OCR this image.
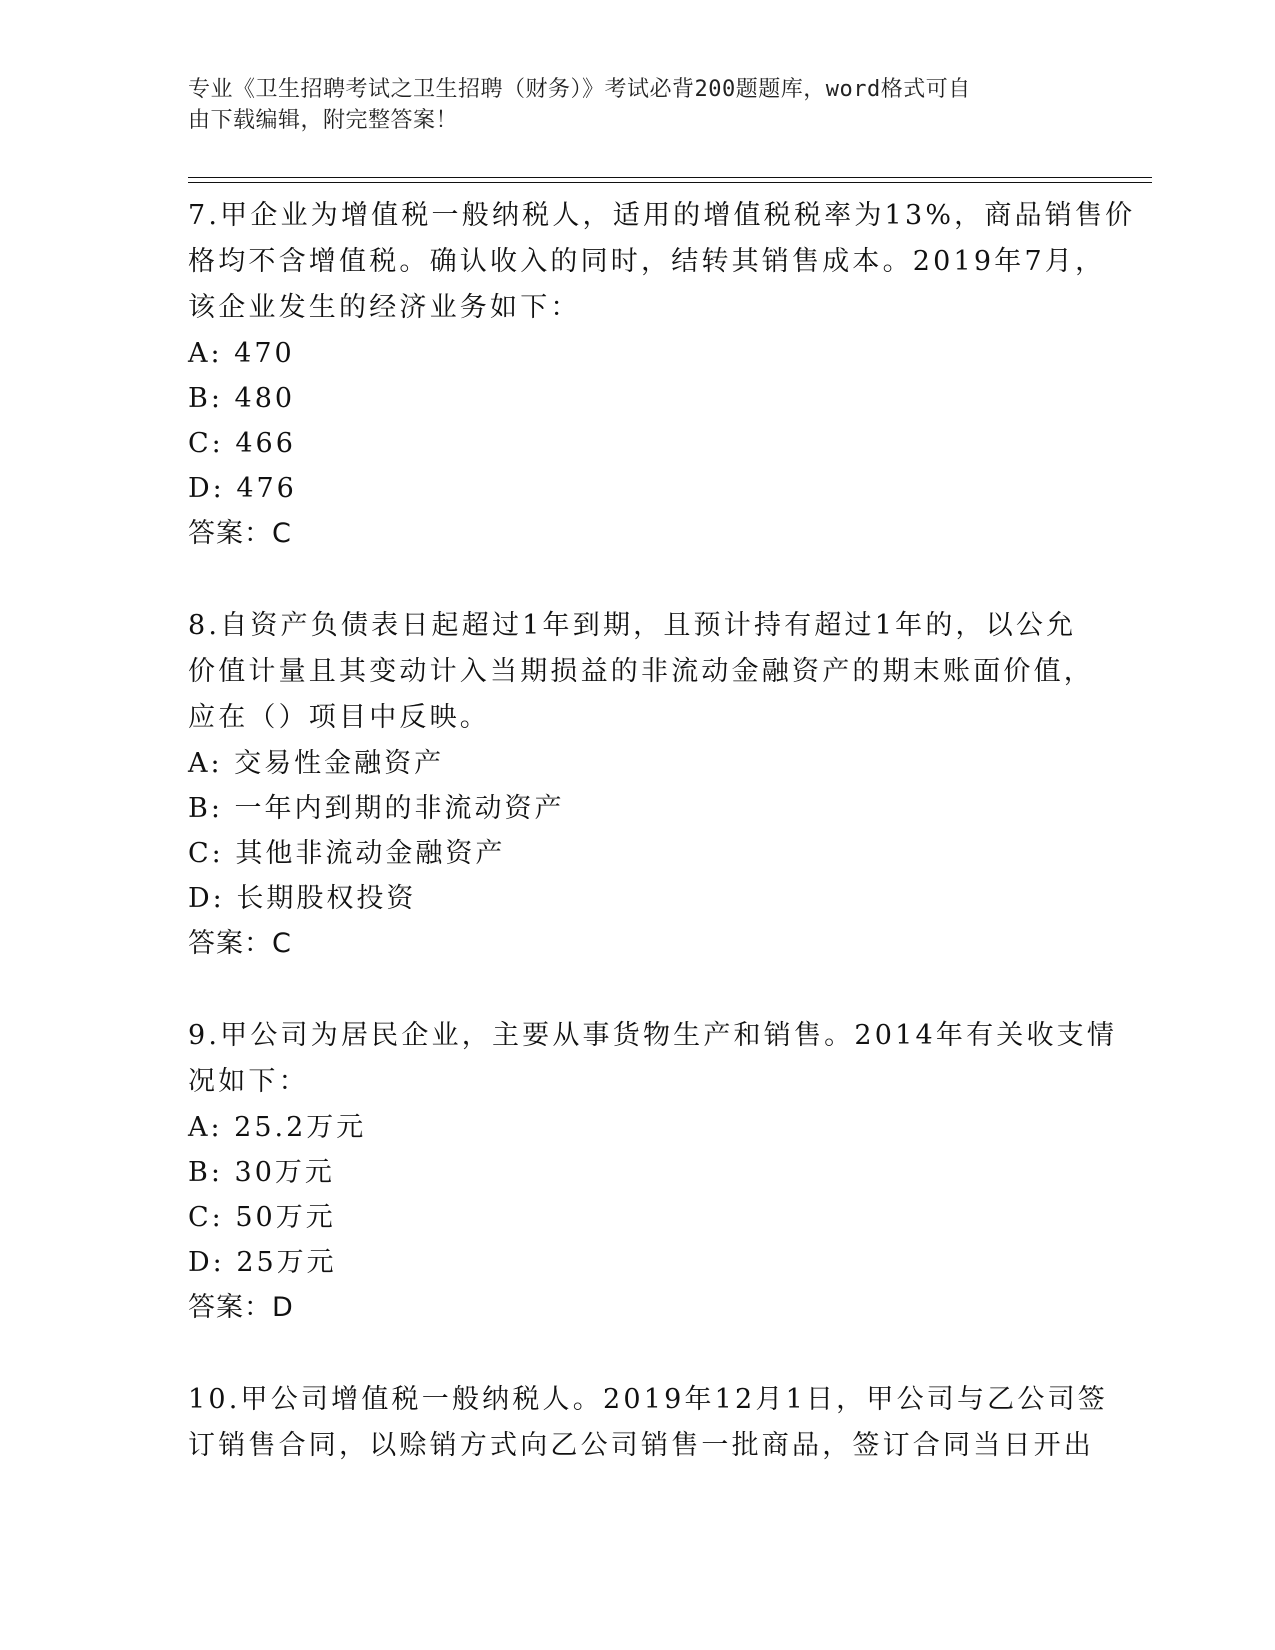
专业《卫生招聘考试之卫生招聘（财务）》考试必背200题题库，word格式可自
由下载编辑，附完整答案！
7.甲企业为增值税一般纳税人，适用的增值税税率为13%，商品销售价
格均不含增值税。确认收入的同时，结转其销售成本。2019年7月，
该企业发生的经济业务如下：
A: 470
B: 480
C: 466
D: 476
答案：C
8.自资产负债表日起超过1年到期，且预计持有超过1年的，以公允
价值计量且其变动计入当期损益的非流动金融资产的期末账面价值，
应在（）项目中反映。
A: 交易性金融资产
B: 一年内到期的非流动资产
C: 其他非流动金融资产
D: 长期股权投资
答案：C
9.甲公司为居民企业，主要从事货物生产和销售。2014年有关收支情
况如下：
A: 25.2万元
B: 30万元
C: 50万元
D: 25万元
答案：D
10.甲公司增值税一般纳税人。2019年12月1日，甲公司与乙公司签
订销售合同，以赊销方式向乙公司销售一批商品，签订合同当日开出
